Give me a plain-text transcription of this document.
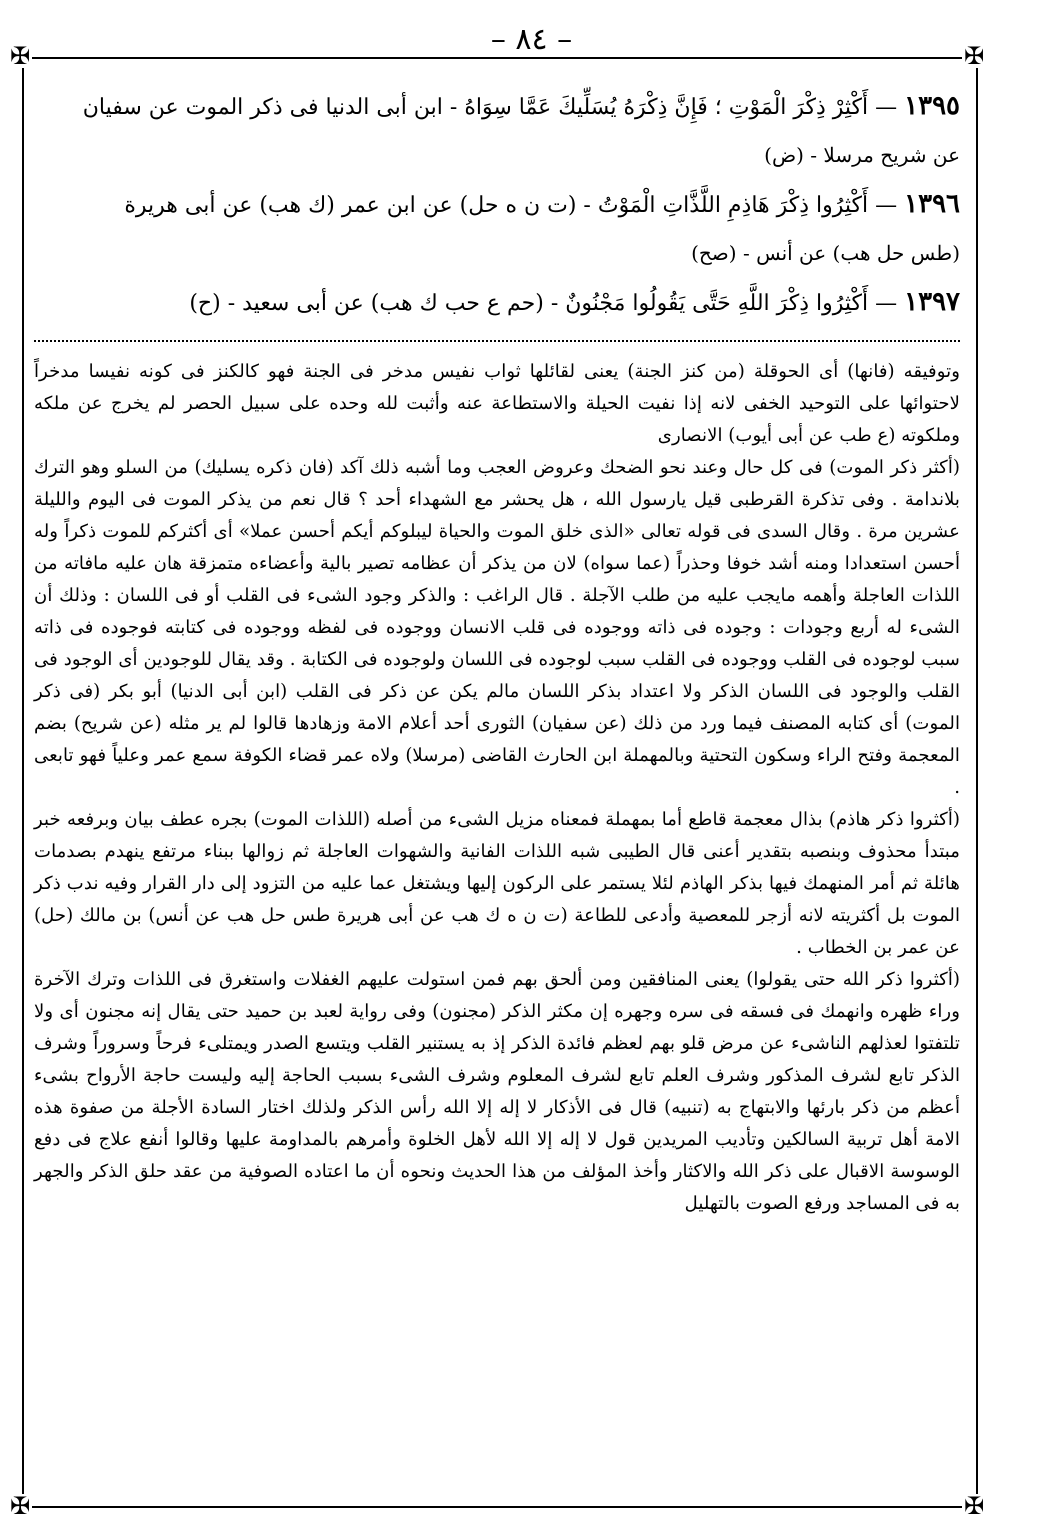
– ٨٤ –
✠	✠
✠	✠
١٣٩٥ — أَكْثِرْ ذِكْرَ الْمَوْتِ ؛ فَإِنَّ ذِكْرَهُ يُسَلِّيكَ عَمَّا سِوَاهُ - ابن أبى الدنيا فى ذكر الموت عن سفيان
عن شريح مرسلا - (ض)
١٣٩٦ — أَكْثِرُوا ذِكْرَ هَاذِمِ اللَّذَّاتِ الْمَوْتُ - (ت ن ه حل) عن ابن عمر (ك هب) عن أبى هريرة
(طس حل هب) عن أنس - (صح)
١٣٩٧ — أَكْثِرُوا ذِكْرَ اللَّهِ حَتَّى يَقُولُوا مَجْنُونٌ - (حم ع حب ك هب) عن أبى سعيد - (ح)

وتوفيقه (فانها) أى الحوقلة (من كنز الجنة) يعنى لقائلها ثواب نفيس مدخر فى الجنة فهو كالكنز فى كونه نفيسا مدخراً لاحتوائها على التوحيد الخفى لانه إذا نفيت الحيلة والاستطاعة عنه وأثبت لله وحده على سبيل الحصر لم يخرج عن ملكه وملكوته (ع طب عن أبى أيوب) الانصارى

(أكثر ذكر الموت) فى كل حال وعند نحو الضحك وعروض العجب وما أشبه ذلك آكد (فان ذكره يسليك) من السلو وهو الترك بلاندامة . وفى تذكرة القرطبى قيل يارسول الله ، هل يحشر مع الشهداء أحد ؟ قال نعم من يذكر الموت فى اليوم والليلة عشرين مرة . وقال السدى فى قوله تعالى «الذى خلق الموت والحياة ليبلوكم أيكم أحسن عملا» أى أكثركم للموت ذكراً وله أحسن استعدادا ومنه أشد خوفا وحذراً (عما سواه) لان من يذكر أن عظامه تصير بالية وأعضاءه متمزقة هان عليه مافاته من اللذات العاجلة وأهمه مايجب عليه من طلب الآجلة . قال الراغب : والذكر وجود الشىء فى القلب أو فى اللسان : وذلك أن الشىء له أربع وجودات : وجوده فى ذاته ووجوده فى قلب الانسان ووجوده فى لفظه ووجوده فى كتابته فوجوده فى ذاته سبب لوجوده فى القلب ووجوده فى القلب سبب لوجوده فى اللسان ولوجوده فى الكتابة . وقد يقال للوجودين أى الوجود فى القلب والوجود فى اللسان الذكر ولا اعتداد بذكر اللسان مالم يكن عن ذكر فى القلب (ابن أبى الدنيا) أبو بكر (فى ذكر الموت) أى كتابه المصنف فيما ورد من ذلك (عن سفيان) الثورى أحد أعلام الامة وزهادها قالوا لم ير مثله (عن شريح) بضم المعجمة وفتح الراء وسكون التحتية وبالمهملة ابن الحارث القاضى (مرسلا) ولاه عمر قضاء الكوفة سمع عمر وعلياً فهو تابعى .

(أكثروا ذكر هاذم) بذال معجمة قاطع أما بمهملة فمعناه مزيل الشىء من أصله (اللذات الموت) بجره عطف بيان وبرفعه خبر مبتدأ محذوف وبنصبه بتقدير أعنى قال الطيبى شبه اللذات الفانية والشهوات العاجلة ثم زوالها ببناء مرتفع ينهدم بصدمات هائلة ثم أمر المنهمك فيها بذكر الهاذم لئلا يستمر على الركون إليها ويشتغل عما عليه من التزود إلى دار القرار وفيه ندب ذكر الموت بل أكثريته لانه أزجر للمعصية وأدعى للطاعة (ت ن ه ك هب عن أبى هريرة طس حل هب عن أنس) بن مالك (حل) عن عمر بن الخطاب .

(أكثروا ذكر الله حتى يقولوا) يعنى المنافقين ومن ألحق بهم فمن استولت عليهم الغفلات واستغرق فى اللذات وترك الآخرة وراء ظهره وانهمك فى فسقه فى سره وجهره إن مكثر الذكر (مجنون) وفى رواية لعبد بن حميد حتى يقال إنه مجنون أى ولا تلتفتوا لعذلهم الناشىء عن مرض قلو بهم لعظم فائدة الذكر إذ به يستنير القلب ويتسع الصدر ويمتلىء فرحاً وسروراً وشرف الذكر تابع لشرف المذكور وشرف العلم تابع لشرف المعلوم وشرف الشىء بسبب الحاجة إليه وليست حاجة الأرواح بشىء أعظم من ذكر بارئها والابتهاج به (تنبيه) قال فى الأذكار لا إله إلا الله رأس الذكر ولذلك اختار السادة الأجلة من صفوة هذه الامة أهل تربية السالكين وتأديب المريدين قول لا إله إلا الله لأهل الخلوة وأمرهم بالمداومة عليها وقالوا أنفع علاج فى دفع الوسوسة الاقبال على ذكر الله والاكثار وأخذ المؤلف من هذا الحديث ونحوه أن ما اعتاده الصوفية من عقد حلق الذكر والجهر به فى المساجد ورفع الصوت بالتهليل
